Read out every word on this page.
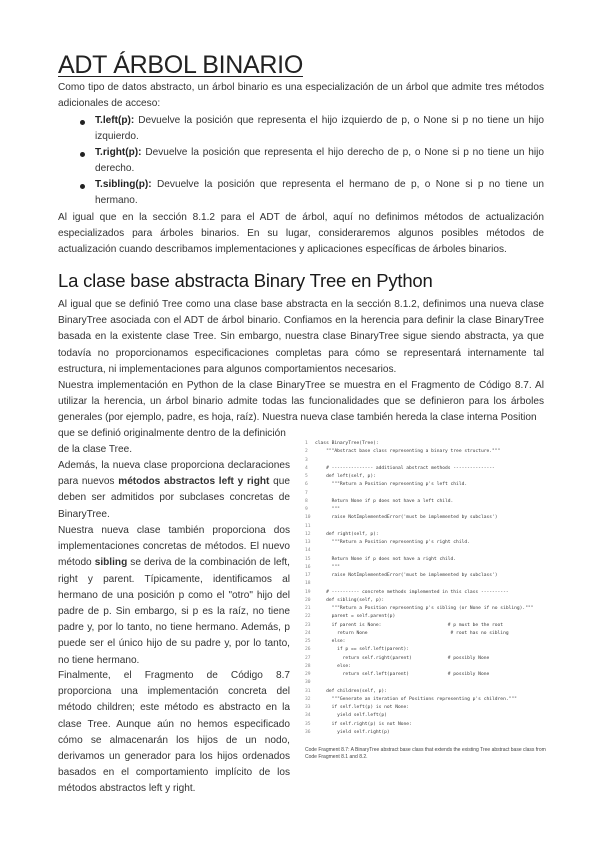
ADT ÁRBOL BINARIO
Como tipo de datos abstracto, un árbol binario es una especialización de un árbol que admite tres métodos adicionales de acceso:
T.left(p): Devuelve la posición que representa el hijo izquierdo de p, o None si p no tiene un hijo izquierdo.
T.right(p): Devuelve la posición que representa el hijo derecho de p, o None si p no tiene un hijo derecho.
T.sibling(p): Devuelve la posición que representa el hermano de p, o None si p no tiene un hermano.
Al igual que en la sección 8.1.2 para el ADT de árbol, aquí no definimos métodos de actualización especializados para árboles binarios. En su lugar, consideraremos algunos posibles métodos de actualización cuando describamos implementaciones y aplicaciones específicas de árboles binarios.
La clase base abstracta Binary Tree en Python
Al igual que se definió Tree como una clase base abstracta en la sección 8.1.2, definimos una nueva clase BinaryTree asociada con el ADT de árbol binario. Confiamos en la herencia para definir la clase BinaryTree basada en la existente clase Tree. Sin embargo, nuestra clase BinaryTree sigue siendo abstracta, ya que todavía no proporcionamos especificaciones completas para cómo se representará internamente tal estructura, ni implementaciones para algunos comportamientos necesarios.
Nuestra implementación en Python de la clase BinaryTree se muestra en el Fragmento de Código 8.7. Al utilizar la herencia, un árbol binario admite todas las funcionalidades que se definieron para los árboles generales (por ejemplo, padre, es hoja, raíz). Nuestra nueva clase también hereda la clase interna Position
que se definió originalmente dentro de la definición
de la clase Tree.
Además, la nueva clase proporciona declaraciones para nuevos métodos abstractos left y right que deben ser admitidos por subclases concretas de BinaryTree.
Nuestra nueva clase también proporciona dos implementaciones concretas de métodos. El nuevo método sibling se deriva de la combinación de left, right y parent. Típicamente, identificamos al hermano de una posición p como el "otro" hijo del padre de p. Sin embargo, si p es la raíz, no tiene padre y, por lo tanto, no tiene hermano. Además, p puede ser el único hijo de su padre y, por lo tanto, no tiene hermano.
Finalmente, el Fragmento de Código 8.7 proporciona una implementación concreta del método children; este método es abstracto en la clase Tree. Aunque aún no hemos especificado cómo se almacenarán los hijos de un nodo, derivamos un generador para los hijos ordenados basados en el comportamiento implícito de los métodos abstractos left y right.
1 class BinaryTree(Tree):
2    """Abstract base class representing a binary tree structure."""
3
4    # --------------- additional abstract methods ---------------
5    def left(self, p):
6      """Return a Position representing p's left child.
7
8      Return None if p does not have a left child.
9      """
10      raise NotImplementedError('must be implemented by subclass')
11
12    def right(self, p):
13      """Return a Position representing p's right child.
14
15      Return None if p does not have a right child.
16      """
17      raise NotImplementedError('must be implemented by subclass')
18
19    # ---------- concrete methods implemented in this class ----------
20    def sibling(self, p):
21      """Return a Position representing p's sibling (or None if no sibling)."""
22      parent = self.parent(p)
23      if parent is None:                        # p must be the root
24        return None                              # root has no sibling
25      else:
26        if p == self.left(parent):
27          return self.right(parent)             # possibly None
28        else:
29          return self.left(parent)              # possibly None
30
31    def children(self, p):
32      """Generate an iteration of Positions representing p's children."""
33      if self.left(p) is not None:
34        yield self.left(p)
35      if self.right(p) is not None:
36        yield self.right(p)
Code Fragment 8.7: A BinaryTree abstract base class that extends the existing Tree abstract base class from Code Fragment 8.1 and 8.2.
